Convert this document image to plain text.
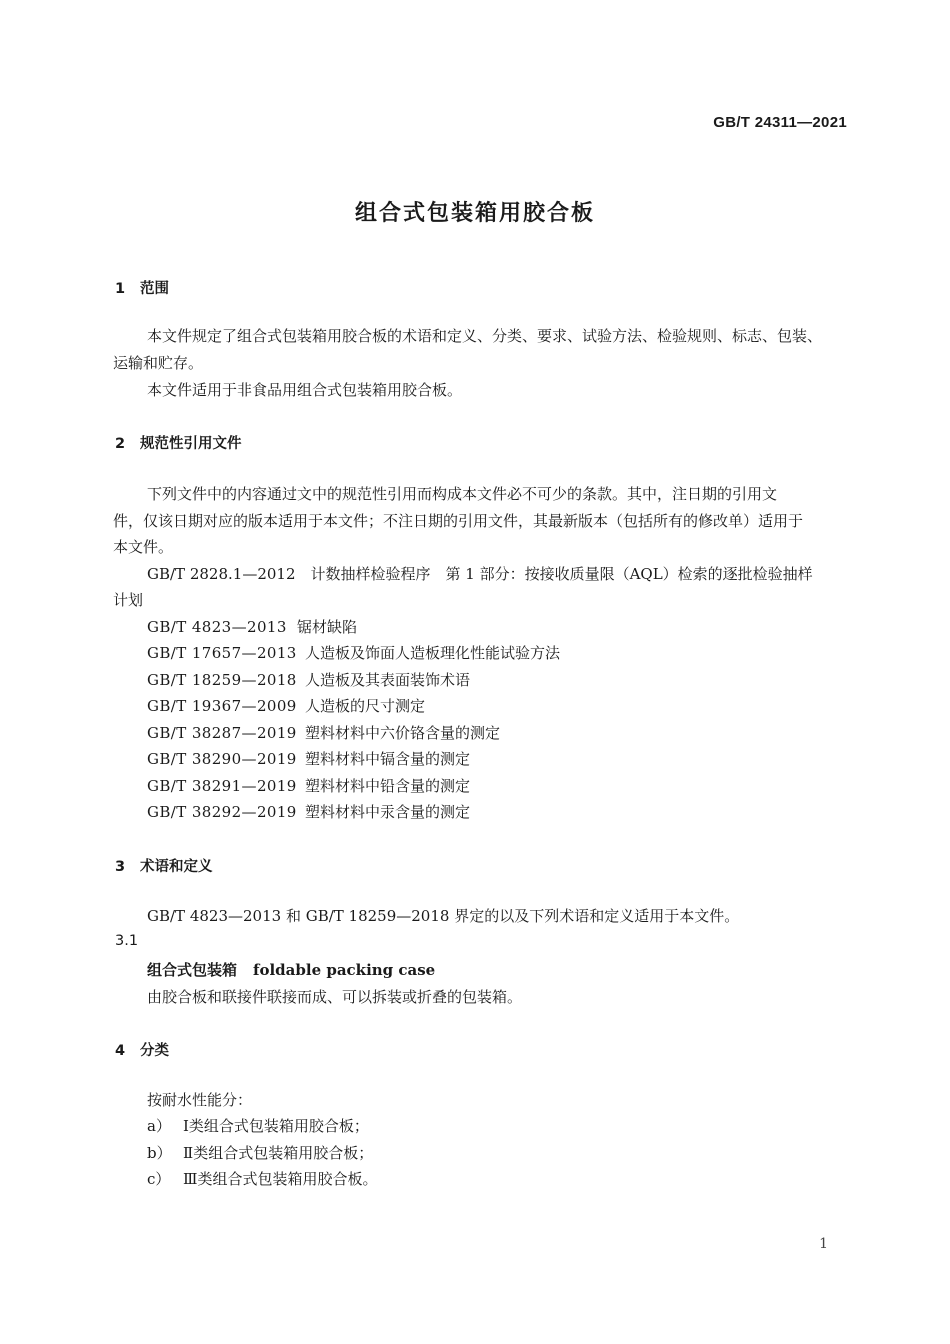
GB/T 24311—2021
组合式包装箱用胶合板
1 范围
本文件规定了组合式包装箱用胶合板的术语和定义、分类、要求、试验方法、检验规则、标志、包装、
运输和贮存。
本文件适用于非食品用组合式包装箱用胶合板。
2 规范性引用文件
下列文件中的内容通过文中的规范性引用而构成本文件必不可少的条款。其中，注日期的引用文
件，仅该日期对应的版本适用于本文件；不注日期的引用文件，其最新版本（包括所有的修改单）适用于
本文件。
GB/T 2828.1—2012　计数抽样检验程序　第 1 部分：按接收质量限（AQL）检索的逐批检验抽样
计划
GB/T 4823—2013 锯材缺陷
GB/T 17657—2013 人造板及饰面人造板理化性能试验方法
GB/T 18259—2018 人造板及其表面装饰术语
GB/T 19367—2009 人造板的尺寸测定
GB/T 38287—2019 塑料材料中六价铬含量的测定
GB/T 38290—2019 塑料材料中镉含量的测定
GB/T 38291—2019 塑料材料中铅含量的测定
GB/T 38292—2019 塑料材料中汞含量的测定
3 术语和定义
GB/T 4823—2013 和 GB/T 18259—2018 界定的以及下列术语和定义适用于本文件。
3.1
组合式包装箱 foldable packing case
由胶合板和联接件联接而成、可以拆装或折叠的包装箱。
4 分类
按耐水性能分：
a） Ⅰ类组合式包装箱用胶合板；
b） Ⅱ类组合式包装箱用胶合板；
c） Ⅲ类组合式包装箱用胶合板。
1
